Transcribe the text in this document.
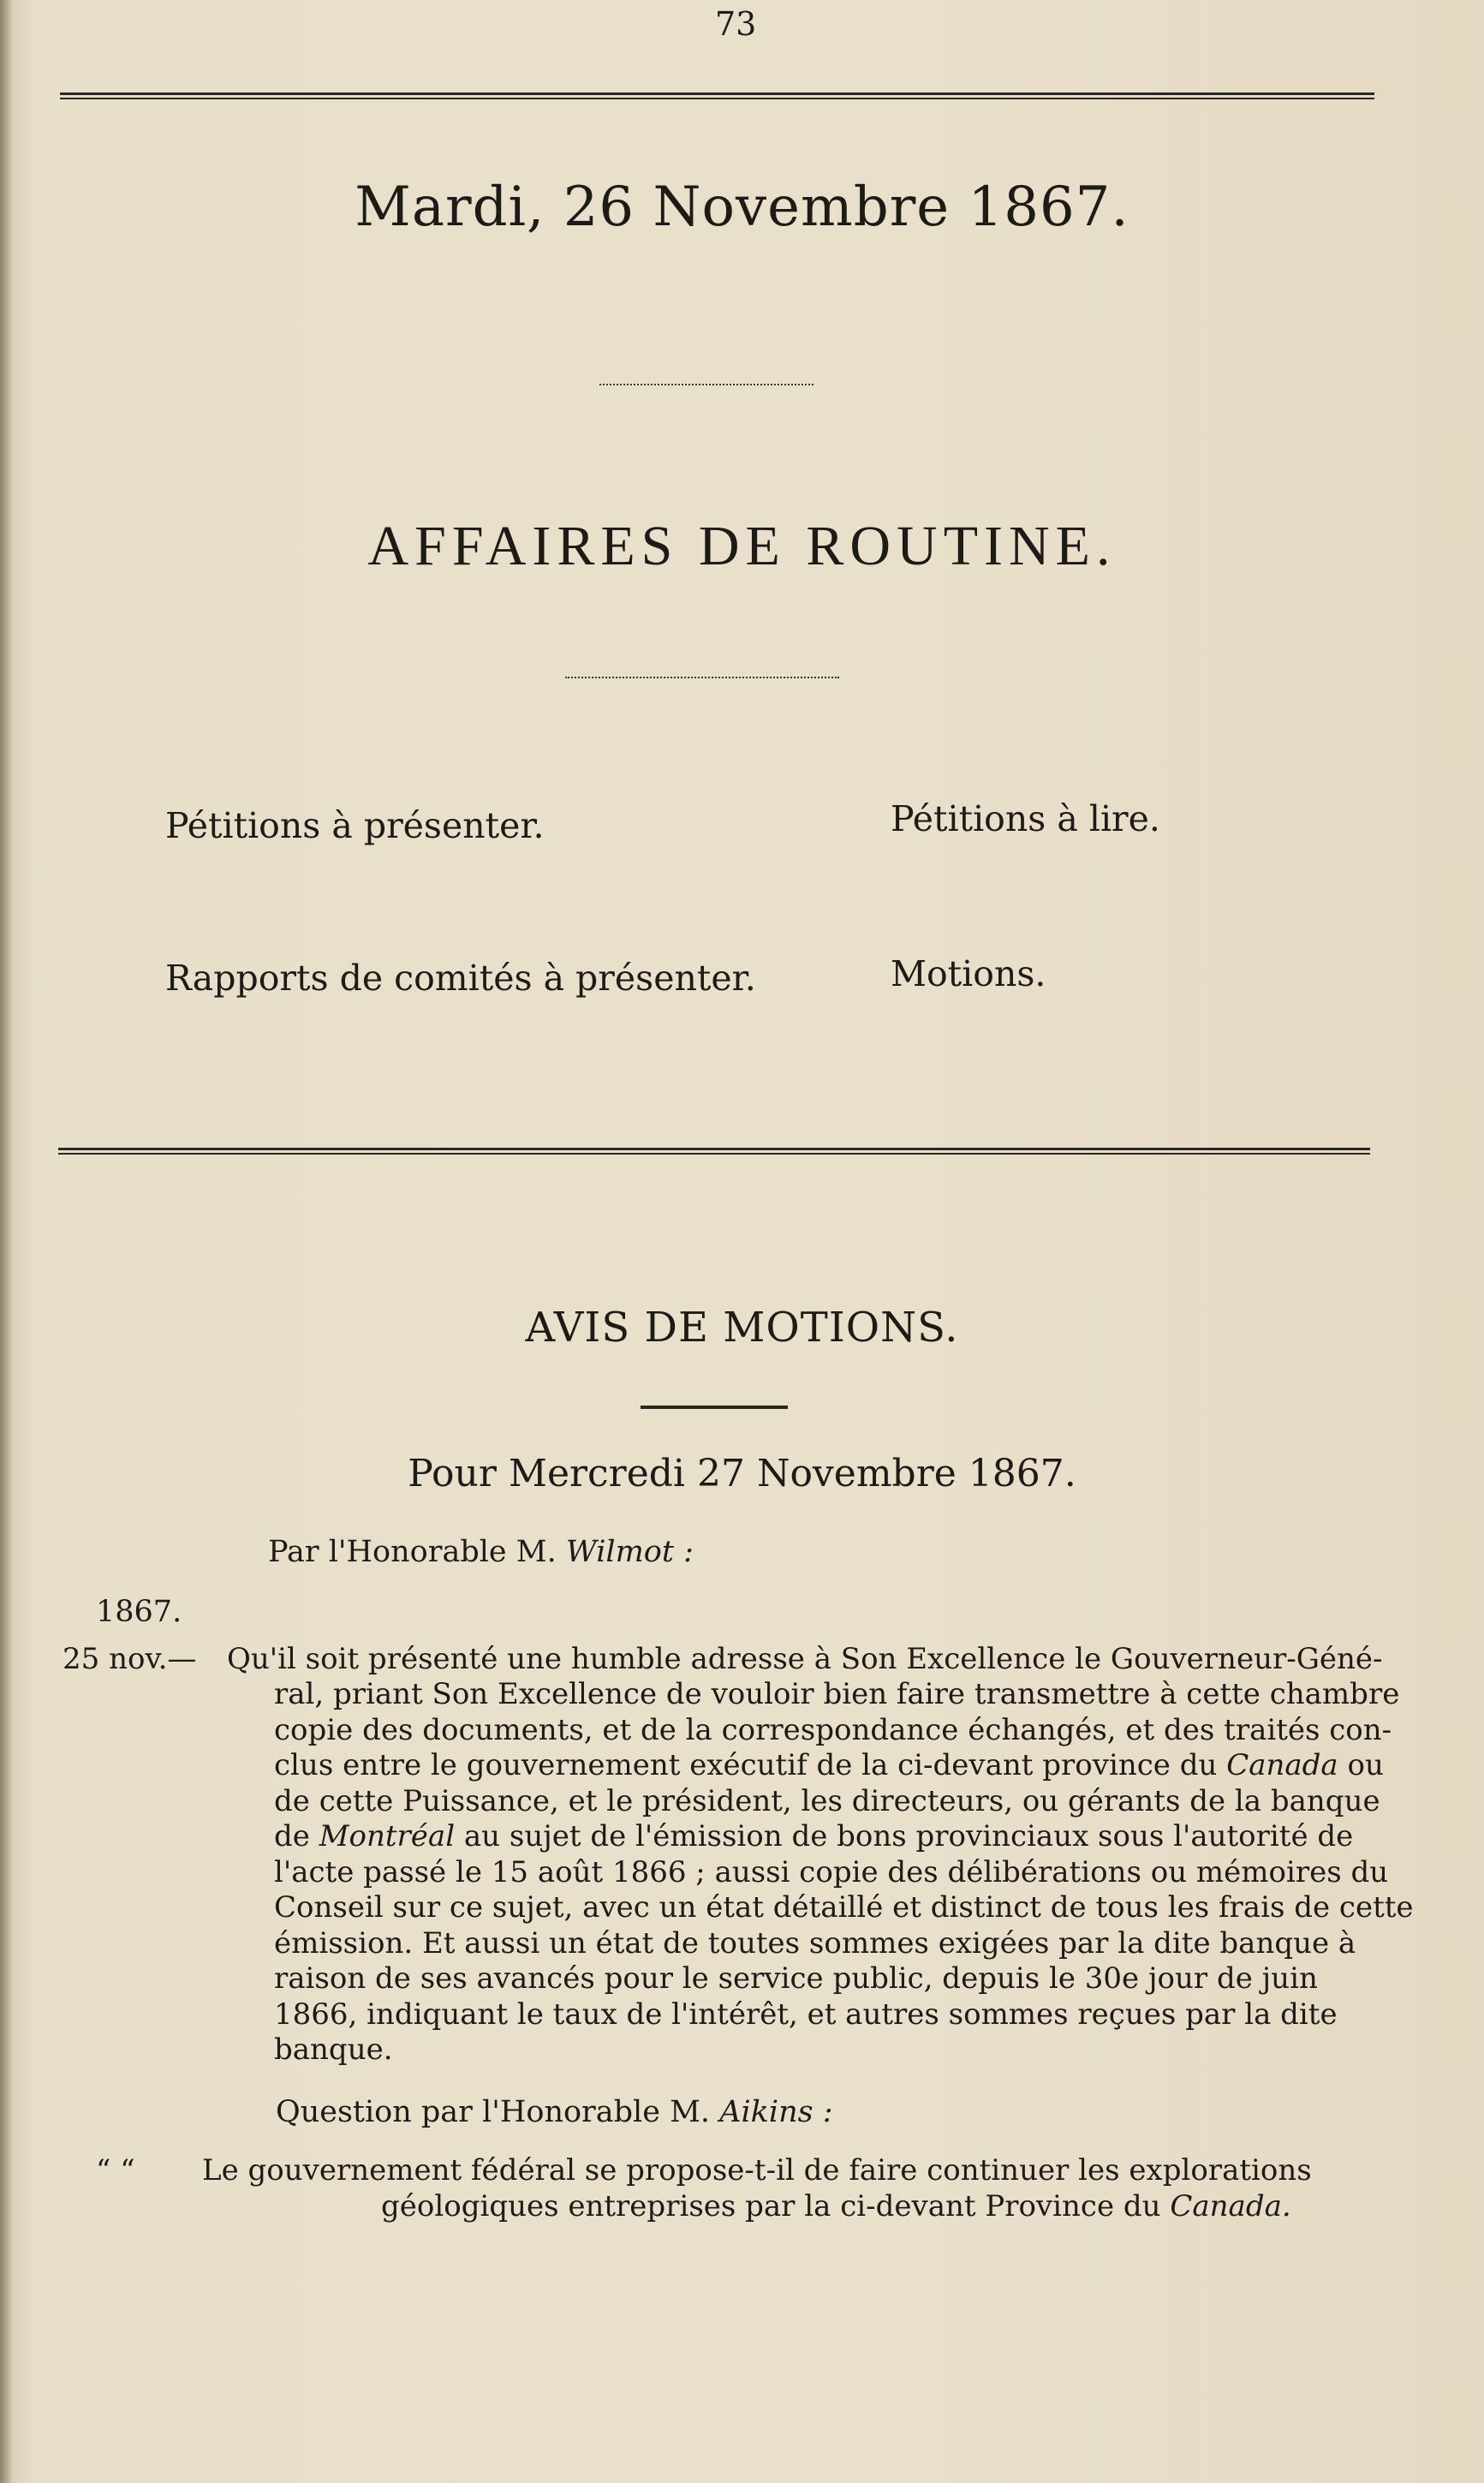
73
Mardi, 26 Novembre 1867.
AFFAIRES DE ROUTINE.
Pétitions à présenter.	Pétitions à lire.
Rapports de comités à présenter.	Motions.
AVIS DE MOTIONS.
Pour Mercredi 27 Novembre 1867.
Par l'Honorable M. Wilmot :
1867.
25 nov.— Qu'il soit présenté une humble adresse à Son Excellence le Gouverneur-Géné-
ral, priant Son Excellence de vouloir bien faire transmettre à cette chambre
copie des documents, et de la correspondance échangés, et des traités con-
clus entre le gouvernement exécutif de la ci-devant province du Canada ou
de cette Puissance, et le président, les directeurs, ou gérants de la banque
de Montréal au sujet de l'émission de bons provinciaux sous l'autorité de
l'acte passé le 15 août 1866 ; aussi copie des délibérations ou mémoires du
Conseil sur ce sujet, avec un état détaillé et distinct de tous les frais de cette
émission. Et aussi un état de toutes sommes exigées par la dite banque à
raison de ses avancés pour le service public, depuis le 30e jour de juin
1866, indiquant le taux de l'intérêt, et autres sommes reçues par la dite
banque.
Question par l'Honorable M. Aikins :
“ “ Le gouvernement fédéral se propose-t-il de faire continuer les explorations
géologiques entreprises par la ci-devant Province du Canada.
